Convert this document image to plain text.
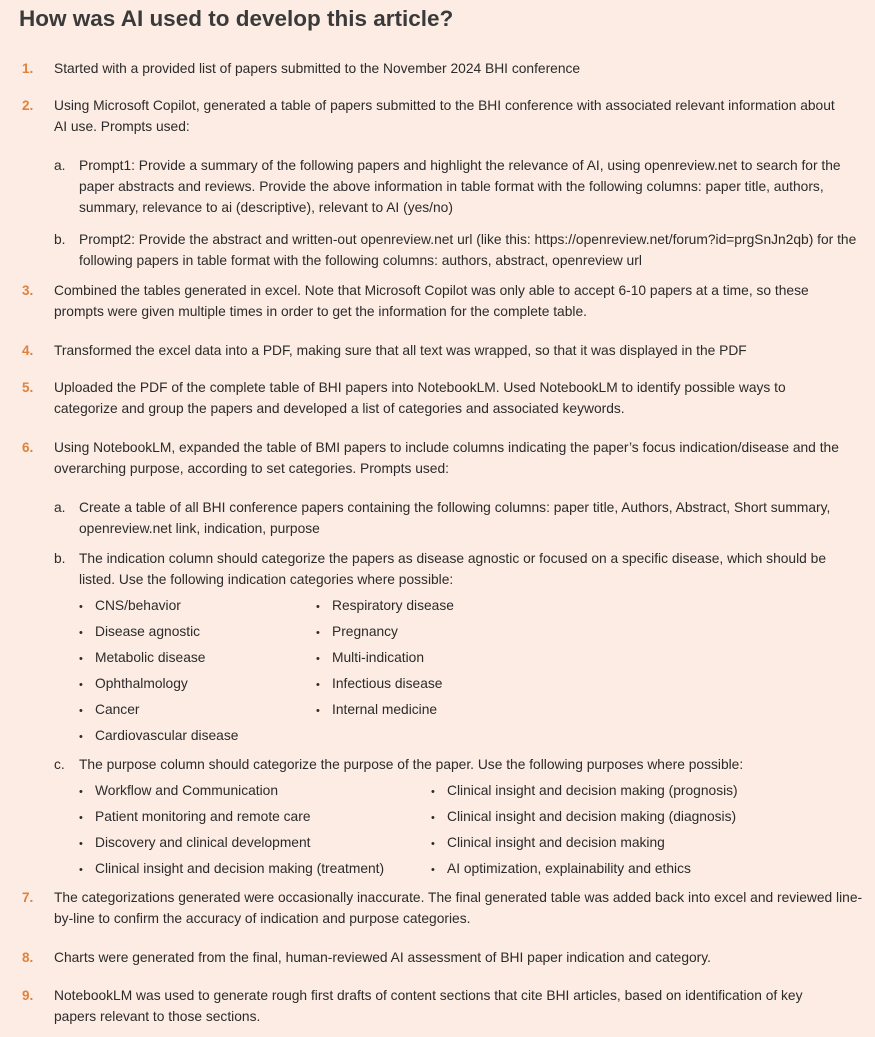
How was AI used to develop this article?
1. Started with a provided list of papers submitted to the November 2024 BHI conference
2. Using Microsoft Copilot, generated a table of papers submitted to the BHI conference with associated relevant information about AI use. Prompts used:
a. Prompt1: Provide a summary of the following papers and highlight the relevance of AI, using openreview.net to search for the paper abstracts and reviews. Provide the above information in table format with the following columns: paper title, authors, summary, relevance to ai (descriptive), relevant to AI (yes/no)
b. Prompt2: Provide the abstract and written-out openreview.net url (like this: https://openreview.net/forum?id=prgSnJn2qb) for the following papers in table format with the following columns: authors, abstract, openreview url
3. Combined the tables generated in excel. Note that Microsoft Copilot was only able to accept 6-10 papers at a time, so these prompts were given multiple times in order to get the information for the complete table.
4. Transformed the excel data into a PDF, making sure that all text was wrapped, so that it was displayed in the PDF
5. Uploaded the PDF of the complete table of BHI papers into NotebookLM. Used NotebookLM to identify possible ways to categorize and group the papers and developed a list of categories and associated keywords.
6. Using NotebookLM, expanded the table of BMI papers to include columns indicating the paper’s focus indication/disease and the overarching purpose, according to set categories. Prompts used:
a. Create a table of all BHI conference papers containing the following columns: paper title, Authors, Abstract, Short summary, openreview.net link, indication, purpose
b. The indication column should categorize the papers as disease agnostic or focused on a specific disease, which should be listed. Use the following indication categories where possible:
• CNS/behavior
• Disease agnostic
• Metabolic disease
• Ophthalmology
• Cancer
• Cardiovascular disease
• Respiratory disease
• Pregnancy
• Multi-indication
• Infectious disease
• Internal medicine
c. The purpose column should categorize the purpose of the paper. Use the following purposes where possible:
• Workflow and Communication
• Patient monitoring and remote care
• Discovery and clinical development
• Clinical insight and decision making (treatment)
• Clinical insight and decision making (prognosis)
• Clinical insight and decision making (diagnosis)
• Clinical insight and decision making
• AI optimization, explainability and ethics
7. The categorizations generated were occasionally inaccurate. The final generated table was added back into excel and reviewed line-by-line to confirm the accuracy of indication and purpose categories.
8. Charts were generated from the final, human-reviewed AI assessment of BHI paper indication and category.
9. NotebookLM was used to generate rough first drafts of content sections that cite BHI articles, based on identification of key papers relevant to those sections.
